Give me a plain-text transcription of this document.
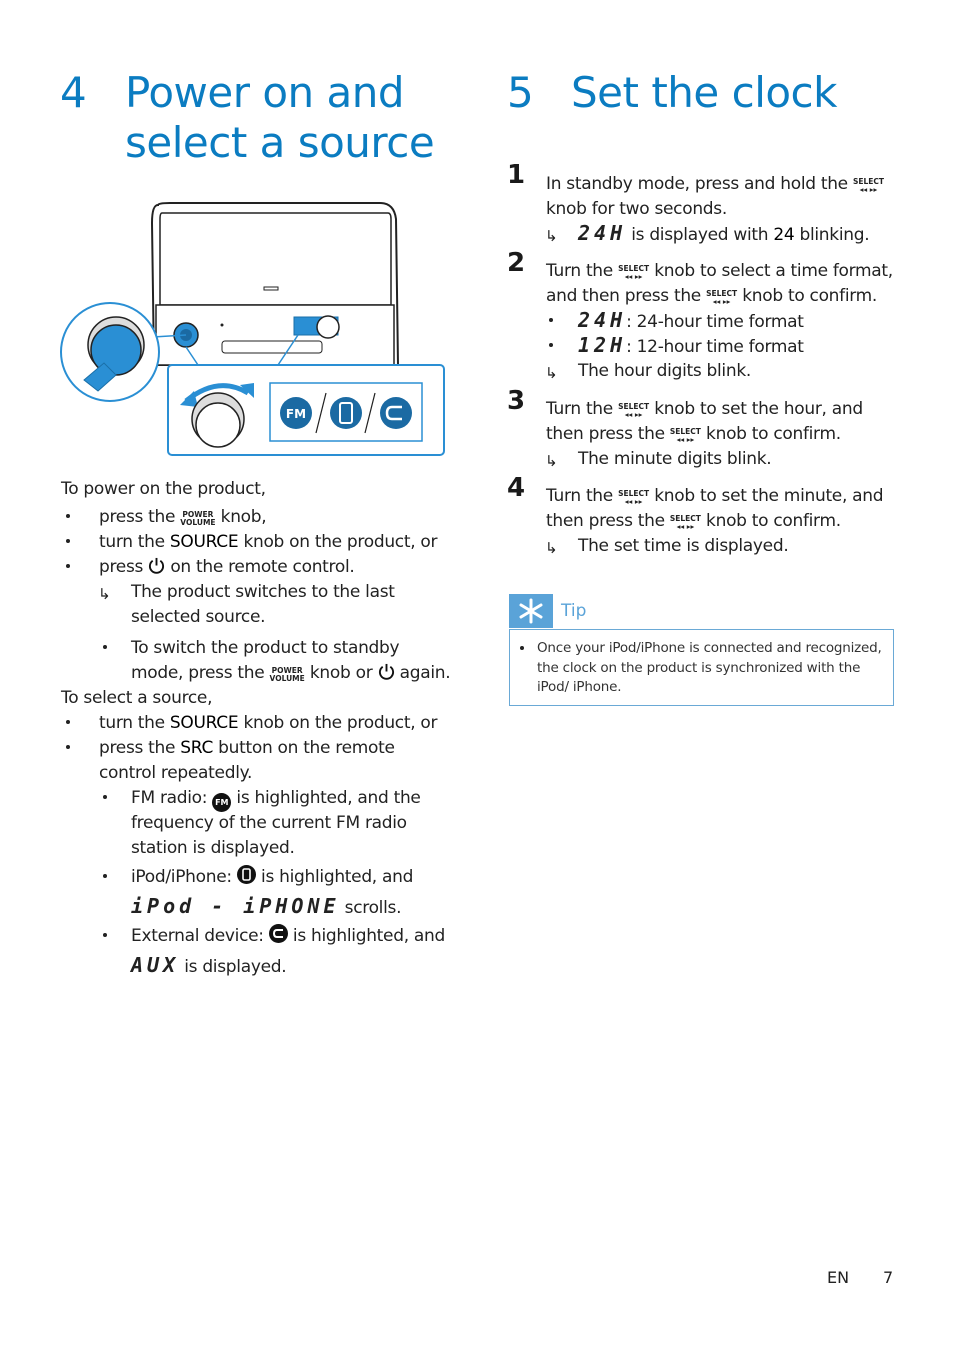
4 Power on and
select a source
FM
To power on the product,
press the POWER
VOLUME knob,
turn the SOURCE knob on the product, or
press on the remote control.
↳ The product switches to the last
selected source.
To switch the product to standby
mode, press the POWER
VOLUME knob or again.
To select a source,
turn the SOURCE knob on the product, or
press the SRC button on the remote
control repeatedly.
FM radio: FM is highlighted, and the
frequency of the current FM radio
station is displayed.
iPod/iPhone: is highlighted, and
iPod - iPHONE scrolls.
External device: is highlighted, and
AUX is displayed.
5 Set the clock
1 In standby mode, press and hold the SELECT
◂◂ ▸▸
knob for two seconds.
↳ 24H is displayed with 24 blinking.
2 Turn the SELECT
◂◂ ▸▸ knob to select a time format,
and then press the SELECT
◂◂ ▸▸ knob to confirm.
24H: 24-hour time format
12H: 12-hour time format
↳ The hour digits blink.
3 Turn the SELECT
◂◂ ▸▸ knob to set the hour, and
then press the SELECT
◂◂ ▸▸ knob to confirm.
↳ The minute digits blink.
4 Turn the SELECT
◂◂ ▸▸ knob to set the minute, and
then press the SELECT
◂◂ ▸▸ knob to confirm.
↳ The set time is displayed.
Tip
Once your iPod/iPhone is connected and recognized, the clock on the product is synchronized with the iPod/ iPhone.
EN 7
